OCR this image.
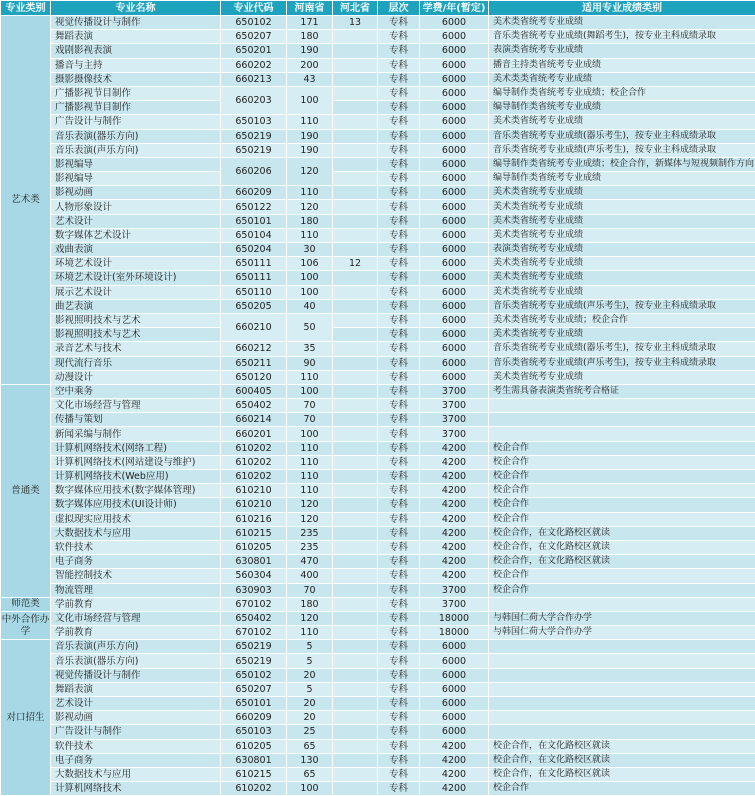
专业类别	专业名称	专业代码	河南省	河北省	层次	学费/年(暂定)	适用专业成绩类别
艺术类	视觉传播设计与制作	650102	171	13	专科	6000	美术类省统考专业成绩
	舞蹈表演	650207	180		专科	6000	音乐类省统考专业成绩(舞蹈考生)，按专业主科成绩录取
	戏剧影视表演	650201	190		专科	6000	表演类省统考专业成绩
	播音与主持	660202	200		专科	6000	播音主持类省统考专业成绩
	摄影摄像技术	660213	43		专科	6000	美术类类省统考专业成绩
	广播影视节目制作	660203	100		专科	6000	编导制作类省统考专业成绩；校企合作
	广播影视节目制作				专科	6000	编导制作类省统考专业成绩
	广告设计与制作	650103	110		专科	6000	美术类省统考专业成绩
	音乐表演(器乐方向)	650219	190		专科	6000	音乐类省统考专业成绩(器乐考生)，按专业主科成绩录取
	音乐表演(声乐方向)	650219	190		专科	6000	音乐类省统考专业成绩(声乐考生)，按专业主科成绩录取
	影视编导	660206	120		专科	6000	编导制作类省统考专业成绩；校企合作，新媒体与短视频制作方向
	影视编导				专科	6000	编导制作类省统考专业成绩
	影视动画	660209	110		专科	6000	美术类省统考专业成绩
	人物形象设计	650122	120		专科	6000	美术类省统考专业成绩
	艺术设计	650101	180		专科	6000	美术类省统考专业成绩
	数字媒体艺术设计	650104	110		专科	6000	美术类省统考专业成绩
	戏曲表演	650204	30		专科	6000	表演类省统考专业成绩
	环境艺术设计	650111	106	12	专科	6000	美术类省统考专业成绩
	环境艺术设计(室外环境设计)	650111	100		专科	6000	美术类省统考专业成绩
	展示艺术设计	650110	100		专科	6000	美术类省统考专业成绩
	曲艺表演	650205	40		专科	6000	音乐类省统考专业成绩(声乐考生)，按专业主科成绩录取
	影视照明技术与艺术	660210	50		专科	6000	美术类省统考专业成绩；校企合作
	影视照明技术与艺术				专科	6000	美术类省统考专业成绩
	录音艺术与技术	660212	35		专科	6000	音乐类省统考专业成绩(器乐考生)，按专业主科成绩录取
	现代流行音乐	650211	90		专科	6000	音乐类省统考专业成绩(声乐考生)，按专业主科成绩录取
	动漫设计	650120	110		专科	6000	美术类省统考专业成绩
普通类	空中乘务	600405	100		专科	3700	考生需具备表演类省统考合格证
	文化市场经营与管理	650402	70		专科	3700	
	传播与策划	660214	70		专科	3700	
	新闻采编与制作	660201	100		专科	3700	
	计算机网络技术(网络工程)	610202	110		专科	4200	校企合作
	计算机网络技术(网站建设与维护)	610202	110		专科	4200	校企合作
	计算机网络技术(Web应用)	610202	110		专科	4200	校企合作
	数字媒体应用技术(数字媒体管理)	610210	110		专科	4200	校企合作
	数字媒体应用技术(UI设计师)	610210	120		专科	4200	校企合作
	虚拟现实应用技术	610216	120		专科	4200	校企合作
	大数据技术与应用	610215	235		专科	4200	校企合作，在文化路校区就读
	软件技术	610205	235		专科	4200	校企合作，在文化路校区就读
	电子商务	630801	470		专科	4200	校企合作，在文化路校区就读
	智能控制技术	560304	400		专科	4200	校企合作
	物流管理	630903	70		专科	3700	校企合作
师范类	学前教育	670102	180		专科	3700	
中外合作办学	文化市场经营与管理	650402	120		专科	18000	与韩国仁荷大学合作办学
	学前教育	670102	110		专科	18000	与韩国仁荷大学合作办学
对口招生	音乐表演(声乐方向)	650219	5		专科	6000	
	音乐表演(器乐方向)	650219	5		专科	6000	
	视觉传播设计与制作	650102	20		专科	6000	
	舞蹈表演	650207	5		专科	6000	
	艺术设计	650101	20		专科	6000	
	影视动画	660209	20		专科	6000	
	广告设计与制作	650103	25		专科	6000	
	软件技术	610205	65		专科	4200	校企合作，在文化路校区就读
	电子商务	630801	130		专科	4200	校企合作，在文化路校区就读
	大数据技术与应用	610215	65		专科	4200	校企合作，在文化路校区就读
	计算机网络技术	610202	100		专科	4200	校企合作
